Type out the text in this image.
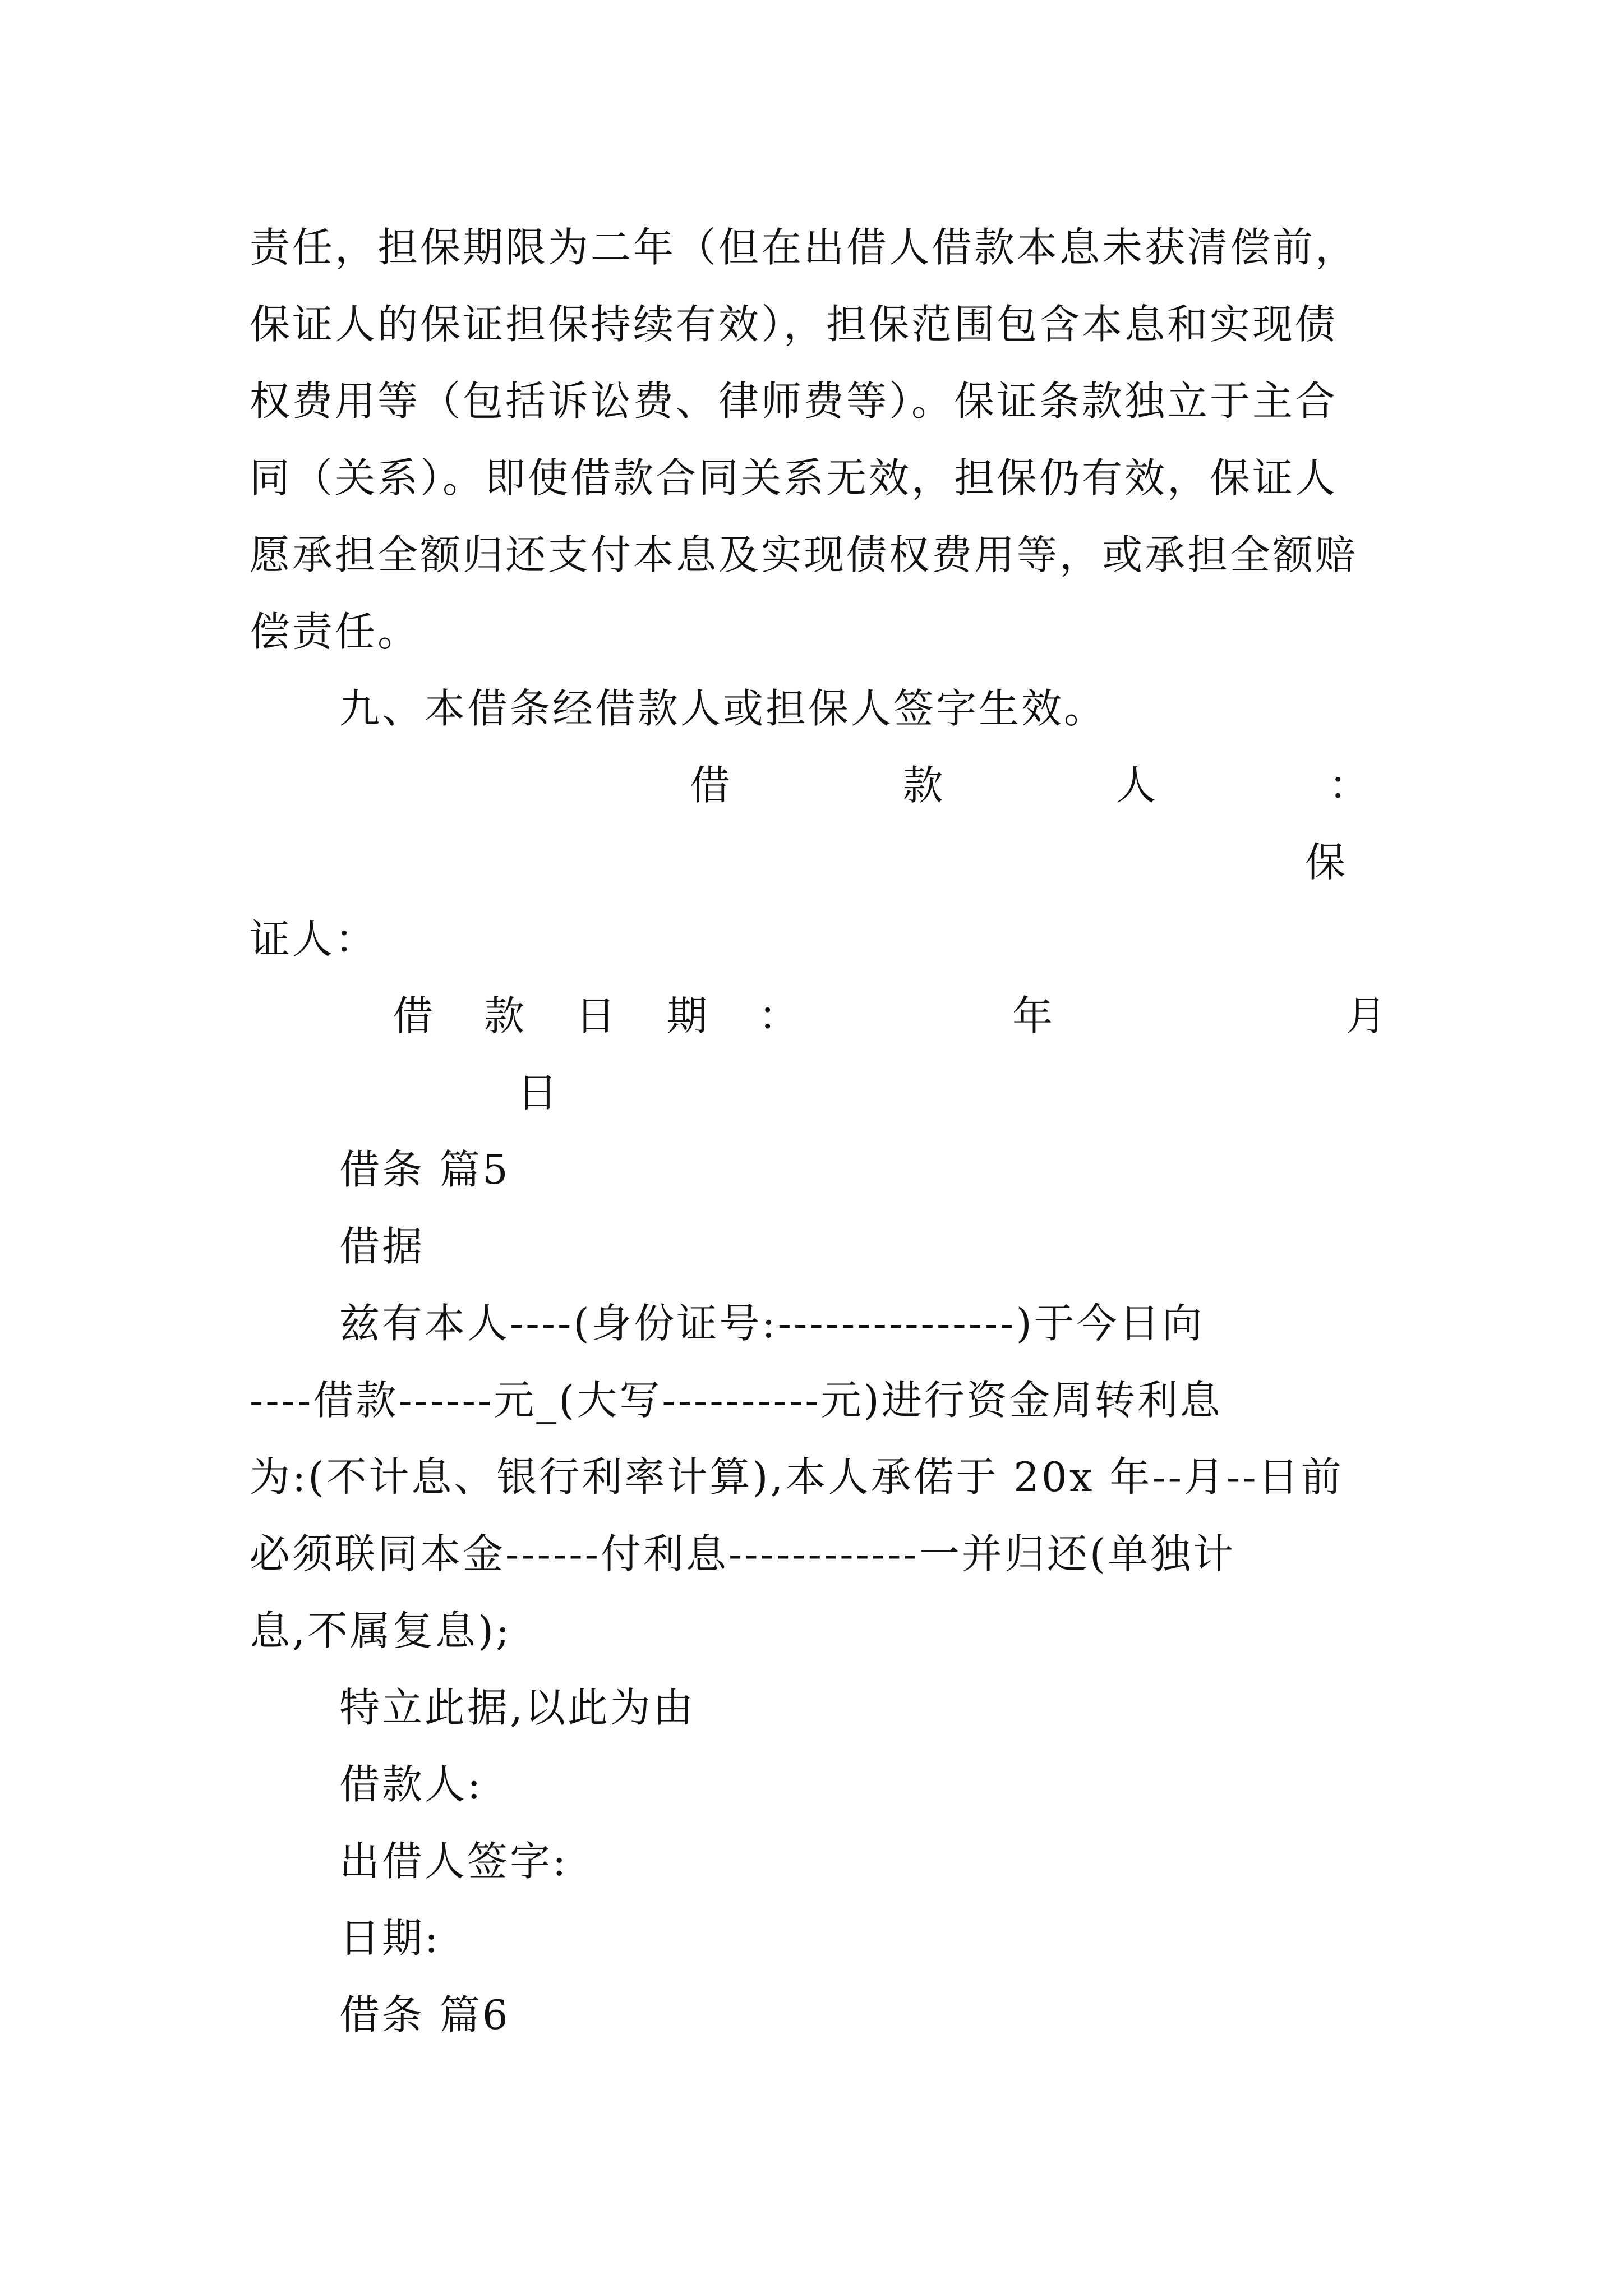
责任，担保期限为二年（但在出借人借款本息未获清偿前，
保证人的保证担保持续有效），担保范围包含本息和实现债
权费用等（包括诉讼费、律师费等）。保证条款独立于主合
同（关系）。即使借款合同关系无效，担保仍有效，保证人
愿承担全额归还支付本息及实现债权费用等，或承担全额赔
偿责任。
九、本借条经借款人或担保人签字生效。
借	款	人	：
保
证人：
借 款 日 期 ：	年	月
日
借条 篇5
借据
兹有本人----(身份证号:---------------)于今日向
----借款------元_(大写----------元)进行资金周转利息
为:(不计息、银行利率计算),本人承偌于 20x 年--月--日前
必须联同本金------付利息------------一并归还(单独计
息,不属复息);
特立此据,以此为由
借款人:
出借人签字:
日期:
借条 篇6
